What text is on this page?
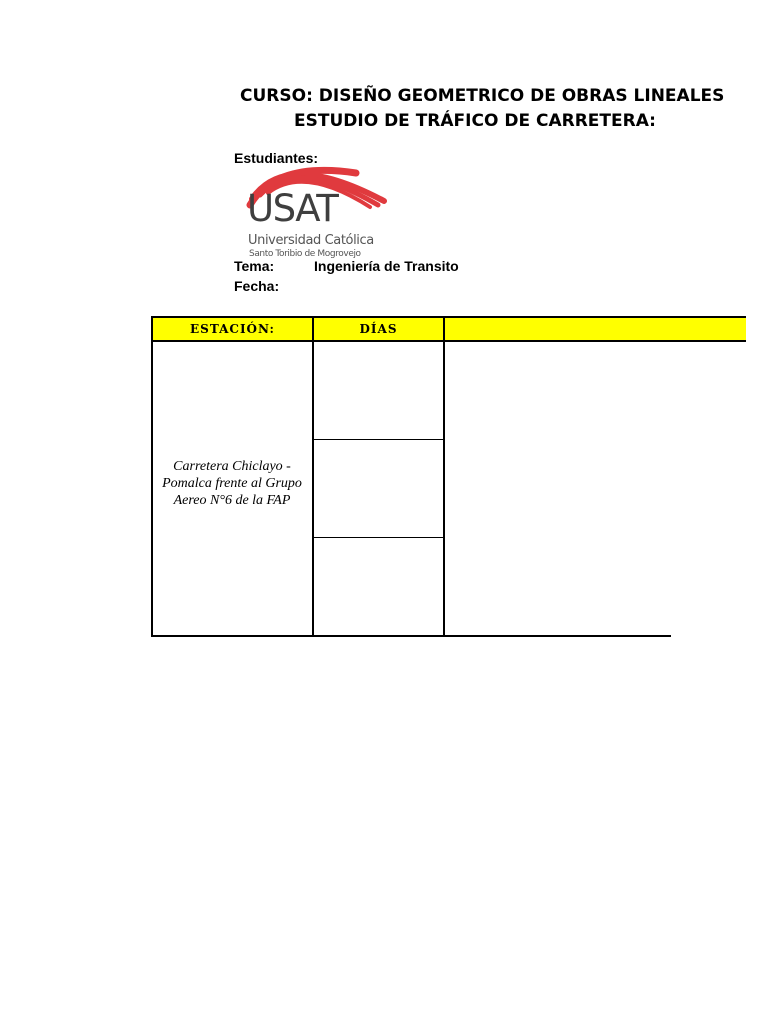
CURSO: DISEÑO GEOMETRICO DE OBRAS LINEALES
ESTUDIO DE TRÁFICO DE CARRETERA:
Estudiantes:
USAT
Universidad Católica
Santo Toribio de Mogrovejo
Tema:	Ingeniería de Transito
Fecha:
ESTACIÓN:	DÍAS
Carretera Chiclayo - Pomalca frente al Grupo Aereo N°6 de la FAP
